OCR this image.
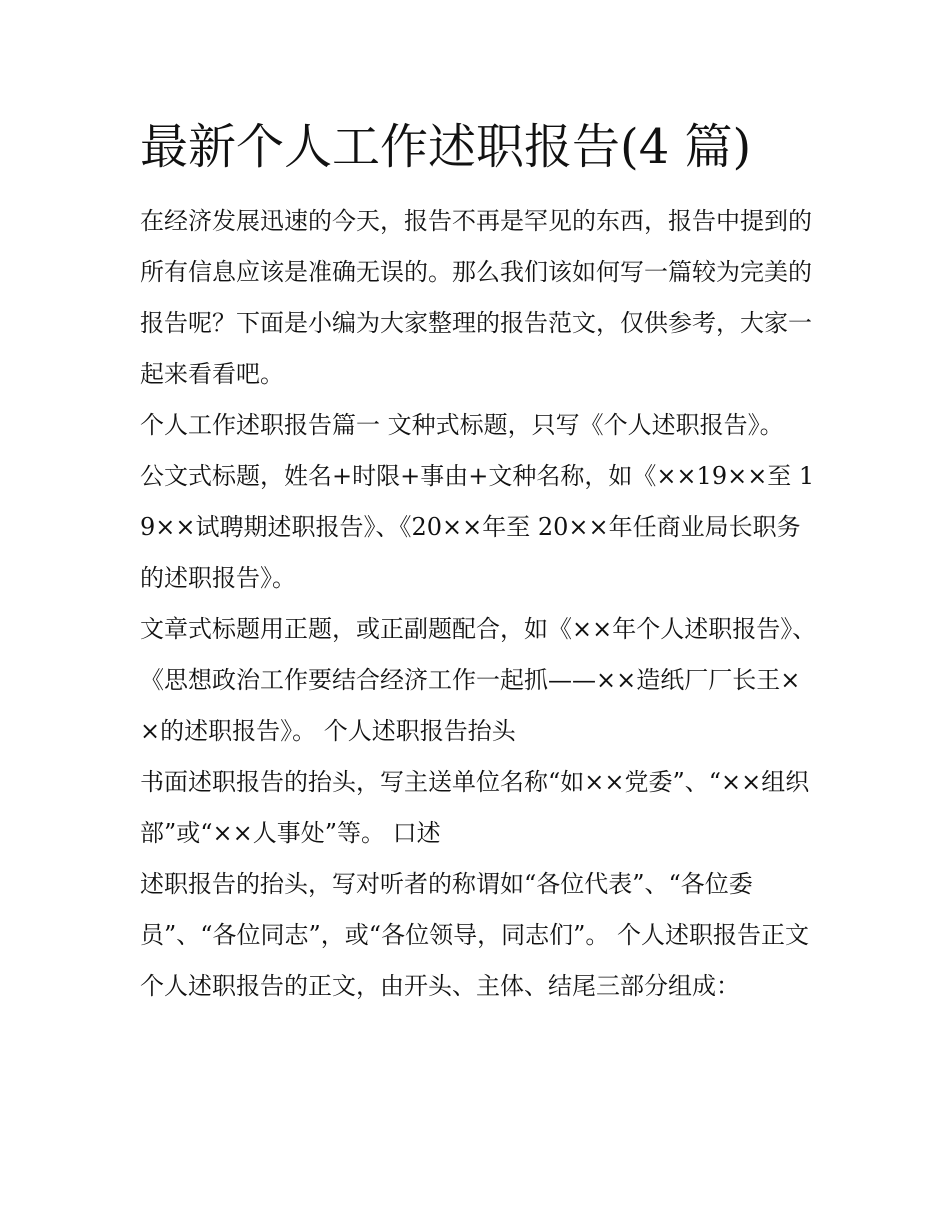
最新个人工作述职报告(4 篇)

在经济发展迅速的今天，报告不再是罕见的东西，报告中提到的所有信息应该是准确无误的。那么我们该如何写一篇较为完美的报告呢？下面是小编为大家整理的报告范文，仅供参考，大家一起来看看吧。

个人工作述职报告篇一 文种式标题，只写《个人述职报告》。

公文式标题，姓名+时限+事由+文种名称，如《××19××至 19××试聘期述职报告》、《20××年至 20××年任商业局长职务的述职报告》。

文章式标题用正题，或正副题配合，如《××年个人述职报告》、《思想政治工作要结合经济工作一起抓——××造纸厂厂长王××的述职报告》。 个人述职报告抬头

书面述职报告的抬头，写主送单位名称“如××党委”、“××组织部”或“××人事处”等。 口述

述职报告的抬头，写对听者的称谓如“各位代表”、“各位委员”、“各位同志”，或“各位领导，同志们”。 个人述职报告正文

个人述职报告的正文，由开头、主体、结尾三部分组成：
